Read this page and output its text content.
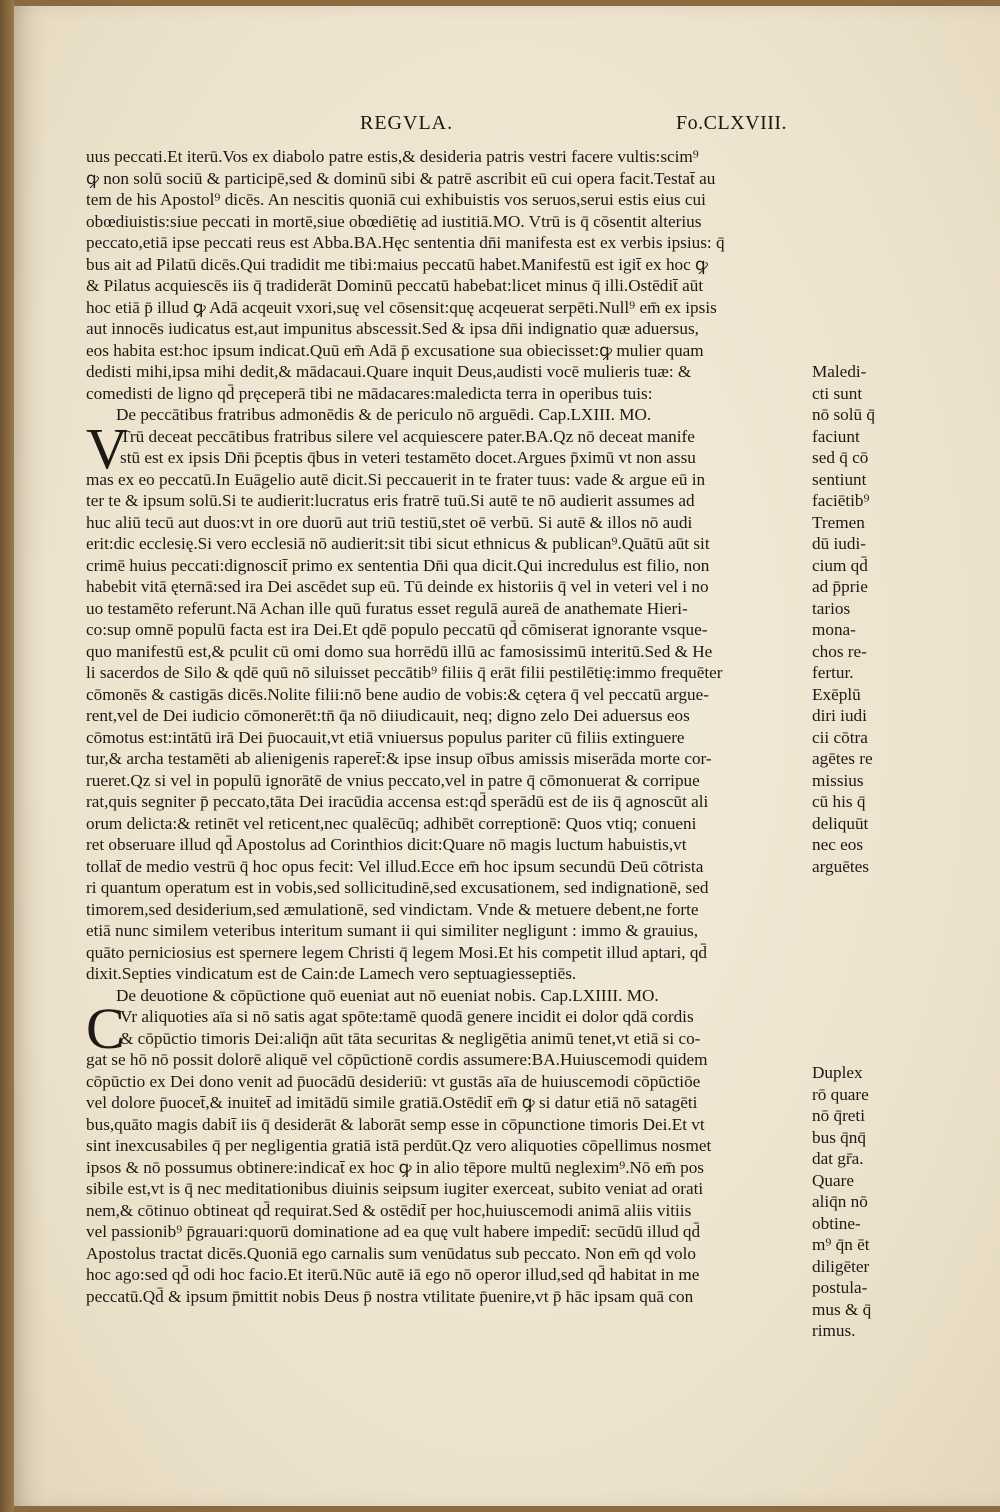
REGVLA.	Fo.CLXVIII.
uus peccati.Et iterū.Vos ex diabolo patre estis,& desideria patris vestri facere vultis:scim⁹
ꝙ non solū sociū & participē,sed & dominū sibi & patrē ascribit eū cui opera facit.Testat̄ au
tem de his Apostol⁹ dicēs. An nescitis quoniā cui exhibuistis vos seruos,serui estis eius cui
obœdiuistis:siue peccati in mortē,siue obœdiētię ad iustitiā.MO. Vtrū is q̄ cōsentit alterius
peccato,etiā ipse peccati reus est Abba.BA.Hęc sententia dn̄i manifesta est ex verbis ipsius: q̄
bus ait ad Pilatū dicēs.Qui tradidit me tibi:maius peccatū habet.Manifestū est igit̄ ex hoc ꝙ
& Pilatus acquiescēs iis q̄ tradiderāt Dominū peccatū habebat:licet minus q̄ illi.Ostēdit̄ aūt
hoc etiā p̄ illud ꝙ Adā acqeuit vxori,suę vel cōsensit:quę acqeuerat serpēti.Null⁹ em̄ ex ipsis
aut innocēs iudicatus est,aut impunitus abscessit.Sed & ipsa dn̄i indignatio quæ aduersus,
eos habita est:hoc ipsum indicat.Quū em̄ Adā p̄ excusatione sua obiecisset:ꝙ mulier quam
dedisti mihi,ipsa mihi dedit,& mādacaui.Quare inquit Deus,audisti vocē mulieris tuæ: &
comedisti de ligno qd̄ pręceperā tibi ne mādacares:maledicta terra in operibus tuis:
De peccātibus fratribus admonēdis & de periculo nō arguēdi. Cap.LXIII. MO.
V
Trū deceat peccātibus fratribus silere vel acquiescere pater.BA.Qz nō deceat manife
stū est ex ipsis Dn̄i p̄ceptis q̄bus in veteri testamēto docet.Argues p̄ximū vt non assu
mas ex eo peccatū.In Euāgelio autē dicit.Si peccauerit in te frater tuus: vade & argue eū in
ter te & ipsum solū.Si te audierit:lucratus eris fratrē tuū.Si autē te nō audierit assumes ad
huc aliū tecū aut duos:vt in ore duorū aut triū testiū,stet oē verbū. Si autē & illos nō audi
erit:dic ecclesię.Si vero ecclesiā nō audierit:sit tibi sicut ethnicus & publican⁹.Quātū aūt sit
crimē huius peccati:dignoscit̄ primo ex sententia Dn̄i qua dicit.Qui incredulus est filio, non
habebit vitā ęternā:sed ira Dei ascēdet sup eū. Tū deinde ex historiis q̄ vel in veteri vel i no
uo testamēto referunt.Nā Achan ille quū furatus esset regulā aureā de anathemate Hieri-
co:sup omnē populū facta est ira Dei.Et qdē populo peccatū qd̄ cōmiserat ignorante vsque-
quo manifestū est,& pculit cū omi domo sua horrēdū illū ac famosissimū interitū.Sed & He
li sacerdos de Silo & qdē quū nō siluisset peccātib⁹ filiis q̄ erāt filii pestilētię:immo frequēter
cōmonēs & castigās dicēs.Nolite filii:nō bene audio de vobis:& cętera q̄ vel peccatū argue-
rent,vel de Dei iudicio cōmonerēt:tn̄ q̄a nō diiudicauit, neq; digno zelo Dei aduersus eos
cōmotus est:intātū irā Dei p̄uocauit,vt etiā vniuersus populus pariter cū filiis extinguere
tur,& archa testamēti ab alienigenis raperet̄:& ipse insup oībus amissis miserāda morte cor-
rueret.Qz si vel in populū ignorātē de vnius peccato,vel in patre q̄ cōmonuerat & corripue
rat,quis segniter p̄ peccato,tāta Dei iracūdia accensa est:qd̄ sperādū est de iis q̄ agnoscūt ali
orum delicta:& retinēt vel reticent,nec qualēcūq; adhibēt correptionē: Quos vtiq; conueni
ret obseruare illud qd̄ Apostolus ad Corinthios dicit:Quare nō magis luctum habuistis,vt
tollat̄ de medio vestrū q̄ hoc opus fecit: Vel illud.Ecce em̄ hoc ipsum secundū Deū cōtrista
ri quantum operatum est in vobis,sed sollicitudinē,sed excusationem, sed indignationē, sed
timorem,sed desiderium,sed æmulationē, sed vindictam. Vnde & metuere debent,ne forte
etiā nunc similem veteribus interitum sumant ii qui similiter negligunt : immo & grauius,
quāto perniciosius est spernere legem Christi q̄ legem Mosi.Et his competit illud aptari, qd̄
dixit.Septies vindicatum est de Cain:de Lamech vero septuagiesseptiēs.
De deuotione & cōpūctione quō eueniat aut nō eueniat nobis. Cap.LXIIII. MO.
C
Vr aliquoties aīa si nō satis agat spōte:tamē quodā genere incidit ei dolor qdā cordis
& cōpūctio timoris Dei:aliq̄n aūt tāta securitas & negligētia animū tenet,vt etiā si co-
gat se hō nō possit dolorē aliquē vel cōpūctionē cordis assumere:BA.Huiuscemodi quidem
cōpūctio ex Dei dono venit ad p̄uocādū desideriū: vt gustās aīa de huiuscemodi cōpūctiōe
vel dolore p̄uocet̄,& inuitet̄ ad imitādū simile gratiā.Ostēdit̄ em̄ ꝙ si datur etiā nō satagēti
bus,quāto magis dabit̄ iis q̄ desiderāt & laborāt semp esse in cōpunctione timoris Dei.Et vt
sint inexcusabiles q̄ per negligentia gratiā istā perdūt.Qz vero aliquoties cōpellimus nosmet
ipsos & nō possumus obtinere:indicat̄ ex hoc ꝙ in alio tēpore multū neglexim⁹.Nō em̄ pos
sibile est,vt is q̄ nec meditationibus diuinis seipsum iugiter exerceat, subito veniat ad orati
nem,& cōtinuo obtineat qd̄ requirat.Sed & ostēdit̄ per hoc,huiuscemodi animā aliis vitiis
vel passionib⁹ p̄grauari:quorū dominatione ad ea quę vult habere impedit̄: secūdū illud qd̄
Apostolus tractat dicēs.Quoniā ego carnalis sum venūdatus sub peccato. Non em̄ qd volo
hoc ago:sed qd̄ odi hoc facio.Et iterū.Nūc autē iā ego nō operor illud,sed qd̄ habitat in me
peccatū.Qd̄ & ipsum p̄mittit nobis Deus p̄ nostra vtilitate p̄uenire,vt p̄ hāc ipsam quā con
Maledi-
cti sunt
nō solū q̄
faciunt
sed q̄ cō
sentiunt
faciētib⁹
Tremen
dū iudi-
cium qd̄
ad p̄prie
tarios
mona-
chos re-
fertur.
Exēplū
diri iudi
cii cōtra
agētes re
missius
cū his q̄
deliquūt
nec eos
arguētes
Duplex
rō quare
nō q̄reti
bus q̄nq̄
dat gr̄a.
Quare
aliq̄n nō
obtine-
m⁹ q̄n ēt
diligēter
postula-
mus & q̄
rimus.
